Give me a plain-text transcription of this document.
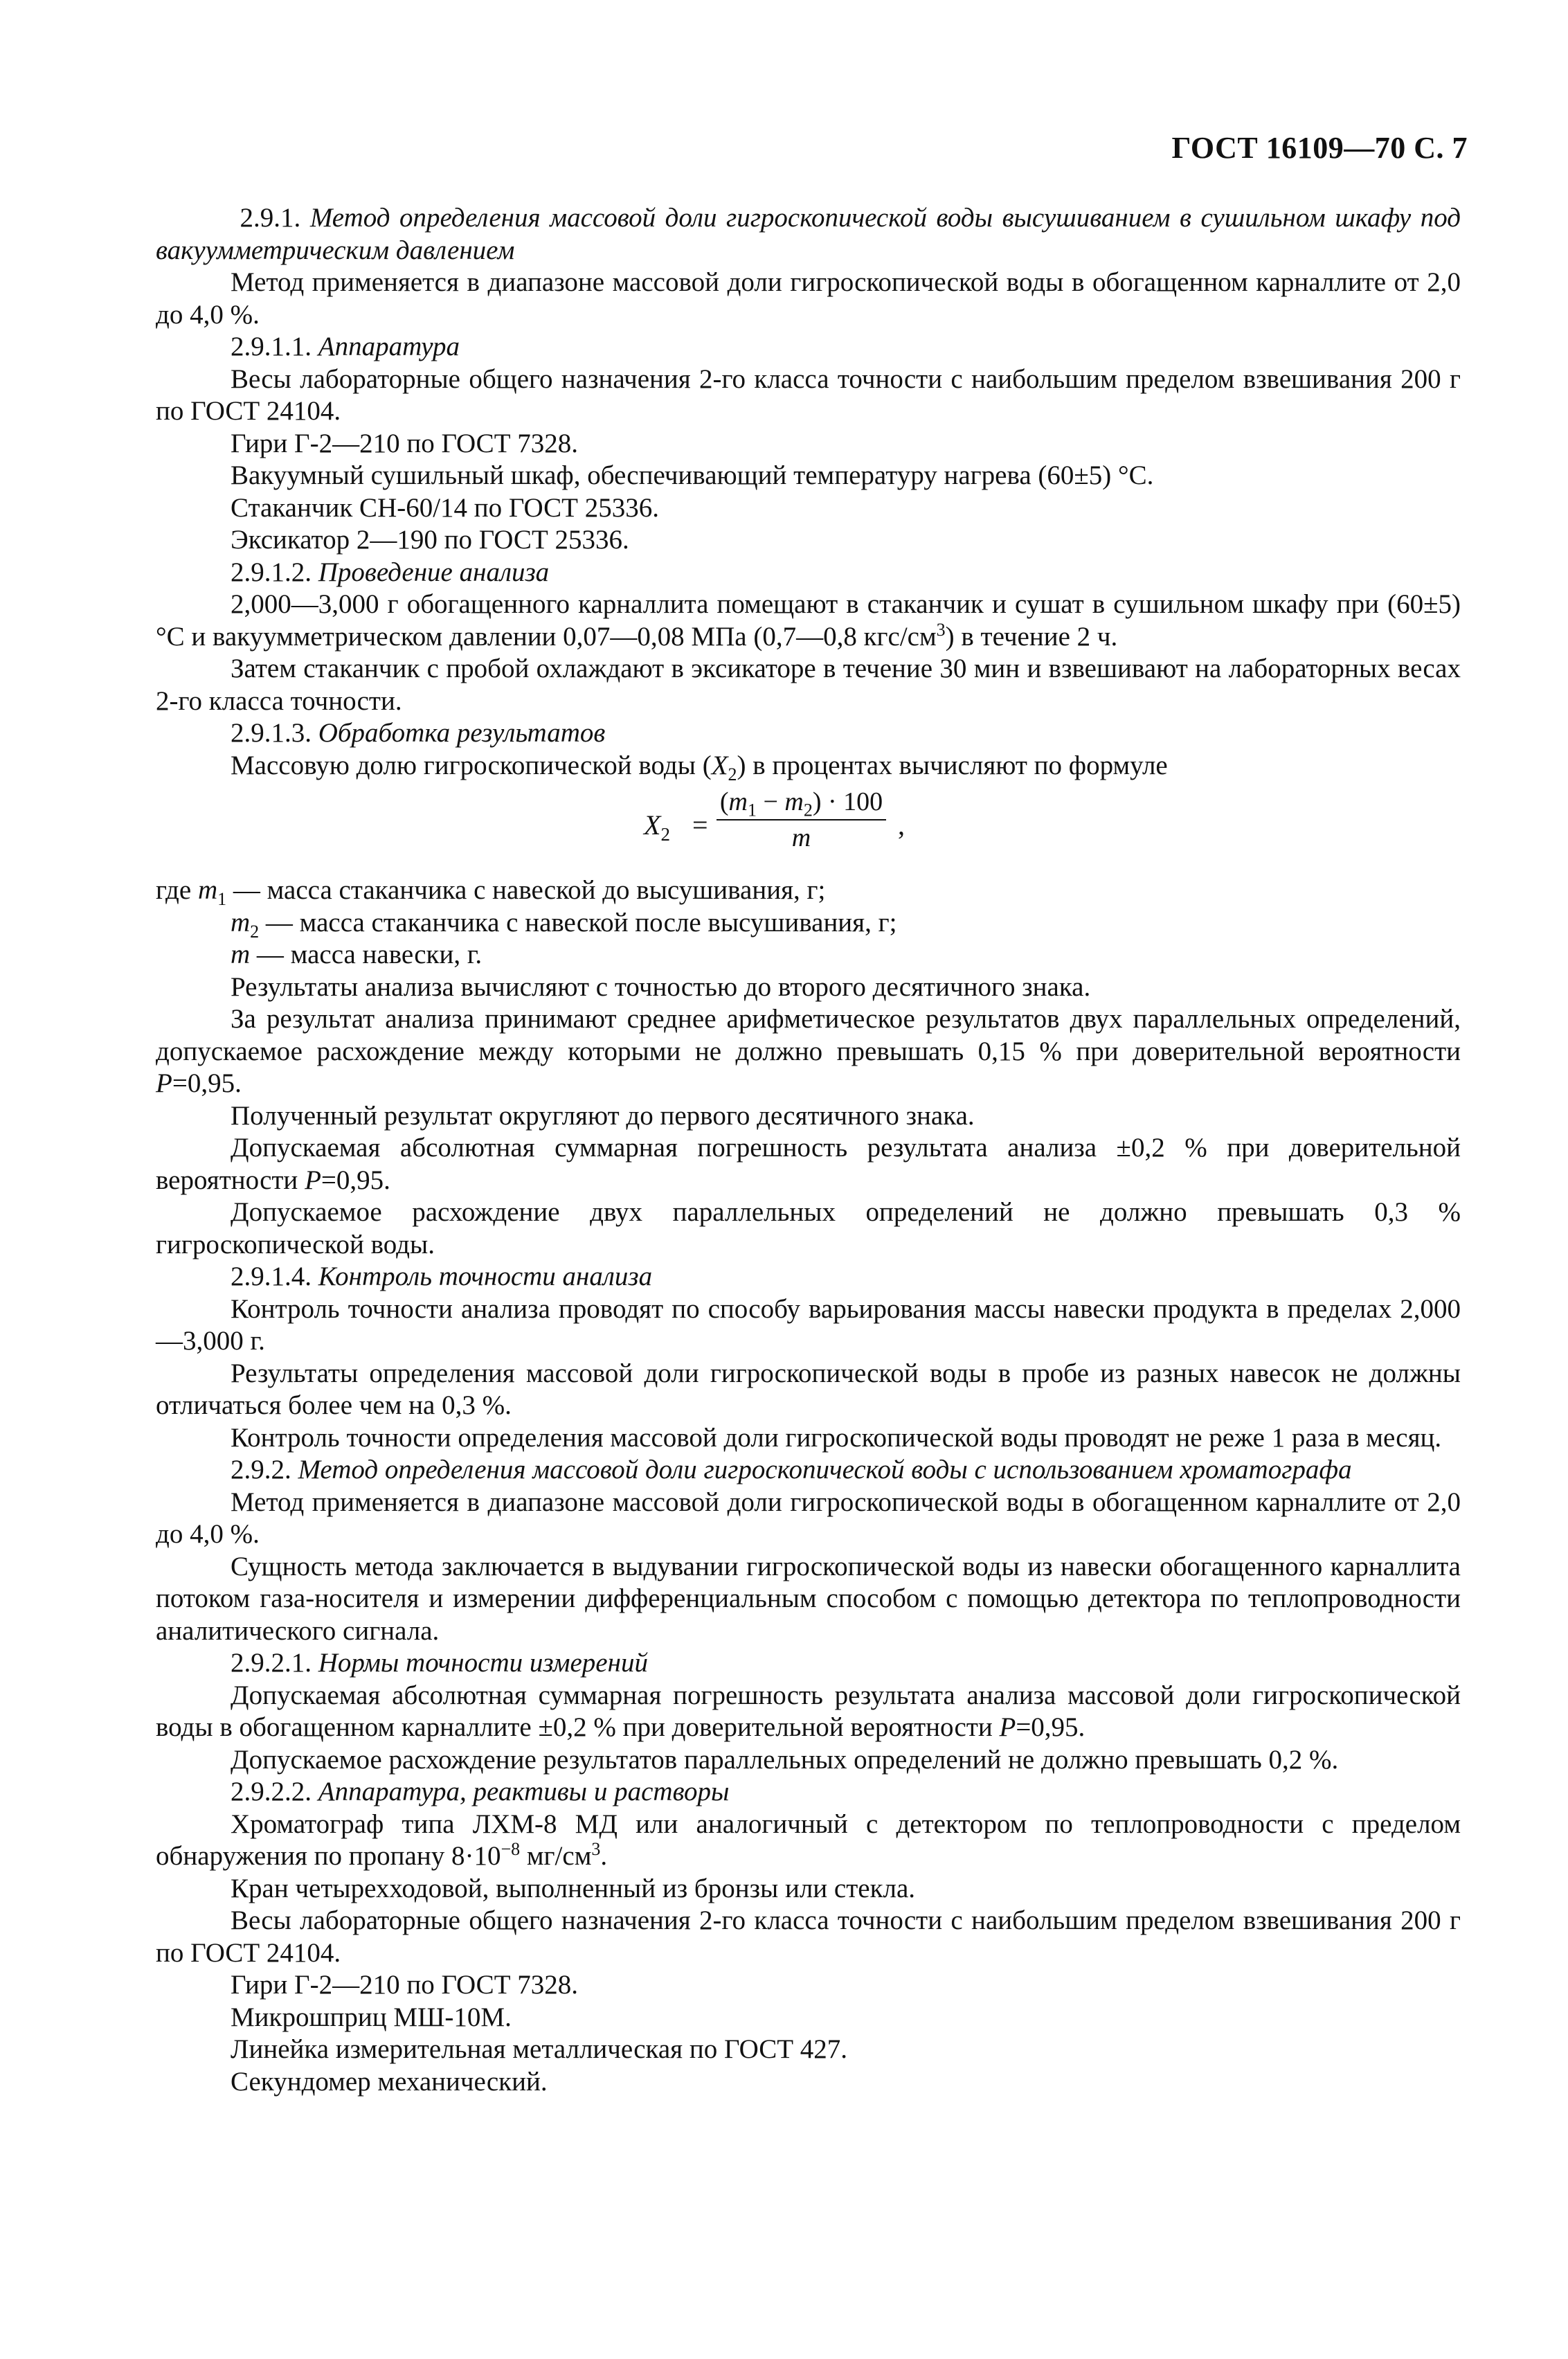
ГОСТ 16109—70 С. 7

2.9.1. Метод определения массовой доли гигроскопической воды высушиванием в сушильном шкафу под вакуумметрическим давлением

Метод применяется в диапазоне массовой доли гигроскопической воды в обогащенном карналлите от 2,0 до 4,0 %.

2.9.1.1. Аппаратура

Весы лабораторные общего назначения 2-го класса точности с наибольшим пределом взвешивания 200 г по ГОСТ 24104.

Гири Г-2—210 по ГОСТ 7328.

Вакуумный сушильный шкаф, обеспечивающий температуру нагрева (60±5) °С.

Стаканчик СН-60/14 по ГОСТ 25336.

Эксикатор 2—190 по ГОСТ 25336.

2.9.1.2. Проведение анализа

2,000—3,000 г обогащенного карналлита помещают в стаканчик и сушат в сушильном шкафу при (60±5) °С и вакуумметрическом давлении 0,07—0,08 МПа (0,7—0,8 кгс/$см^3$) в течение 2 ч.

Затем стаканчик с пробой охлаждают в эксикаторе в течение 30 мин и взвешивают на лабораторных весах 2-го класса точности.

2.9.1.3. Обработка результатов

Массовую долю гигроскопической воды $(X_2)$ в процентах вычисляют по формуле

$X_2$ =
$(m_1 - m_2) \cdot 100$
m	,

где $m_1$ — масса стаканчика с навеской до высушивания, г;

$m_2$ — масса стаканчика с навеской после высушивания, г;

m — масса навески, г.

Результаты анализа вычисляют с точностью до второго десятичного знака.

За результат анализа принимают среднее арифметическое результатов двух параллельных определений, допускаемое расхождение между которыми не должно превышать 0,15 % при доверительной вероятности P=0,95.

Полученный результат округляют до первого десятичного знака.

Допускаемая абсолютная суммарная погрешность результата анализа ±0,2 % при доверительной вероятности P=0,95.

Допускаемое расхождение двух параллельных определений не должно превышать 0,3 % гигроскопической воды.

2.9.1.4. Контроль точности анализа

Контроль точности анализа проводят по способу варьирования массы навески продукта в пределах 2,000—3,000 г.

Результаты определения массовой доли гигроскопической воды в пробе из разных навесок не должны отличаться более чем на 0,3 %.

Контроль точности определения массовой доли гигроскопической воды проводят не реже 1 раза в месяц.

2.9.2. Метод определения массовой доли гигроскопической воды с использованием хроматографа

Метод применяется в диапазоне массовой доли гигроскопической воды в обогащенном карналлите от 2,0 до 4,0 %.

Сущность метода заключается в выдувании гигроскопической воды из навески обогащенного карналлита потоком газа-носителя и измерении дифференциальным способом с помощью детектора по теплопроводности аналитического сигнала.

2.9.2.1. Нормы точности измерений

Допускаемая абсолютная суммарная погрешность результата анализа массовой доли гигроскопической воды в обогащенном карналлите ±0,2 % при доверительной вероятности P=0,95.

Допускаемое расхождение результатов параллельных определений не должно превышать 0,2 %.

2.9.2.2. Аппаратура, реактивы и растворы

Хроматограф типа ЛХМ-8 МД или аналогичный с детектором по теплопроводности с пределом обнаружения по пропану $8\cdot 10^{-8}$ $мг/см^3$.

Кран четырехходовой, выполненный из бронзы или стекла.

Весы лабораторные общего назначения 2-го класса точности с наибольшим пределом взвешивания 200 г по ГОСТ 24104.

Гири Г-2—210 по ГОСТ 7328.

Микрошприц МШ-10М.

Линейка измерительная металлическая по ГОСТ 427.

Секундомер механический.
